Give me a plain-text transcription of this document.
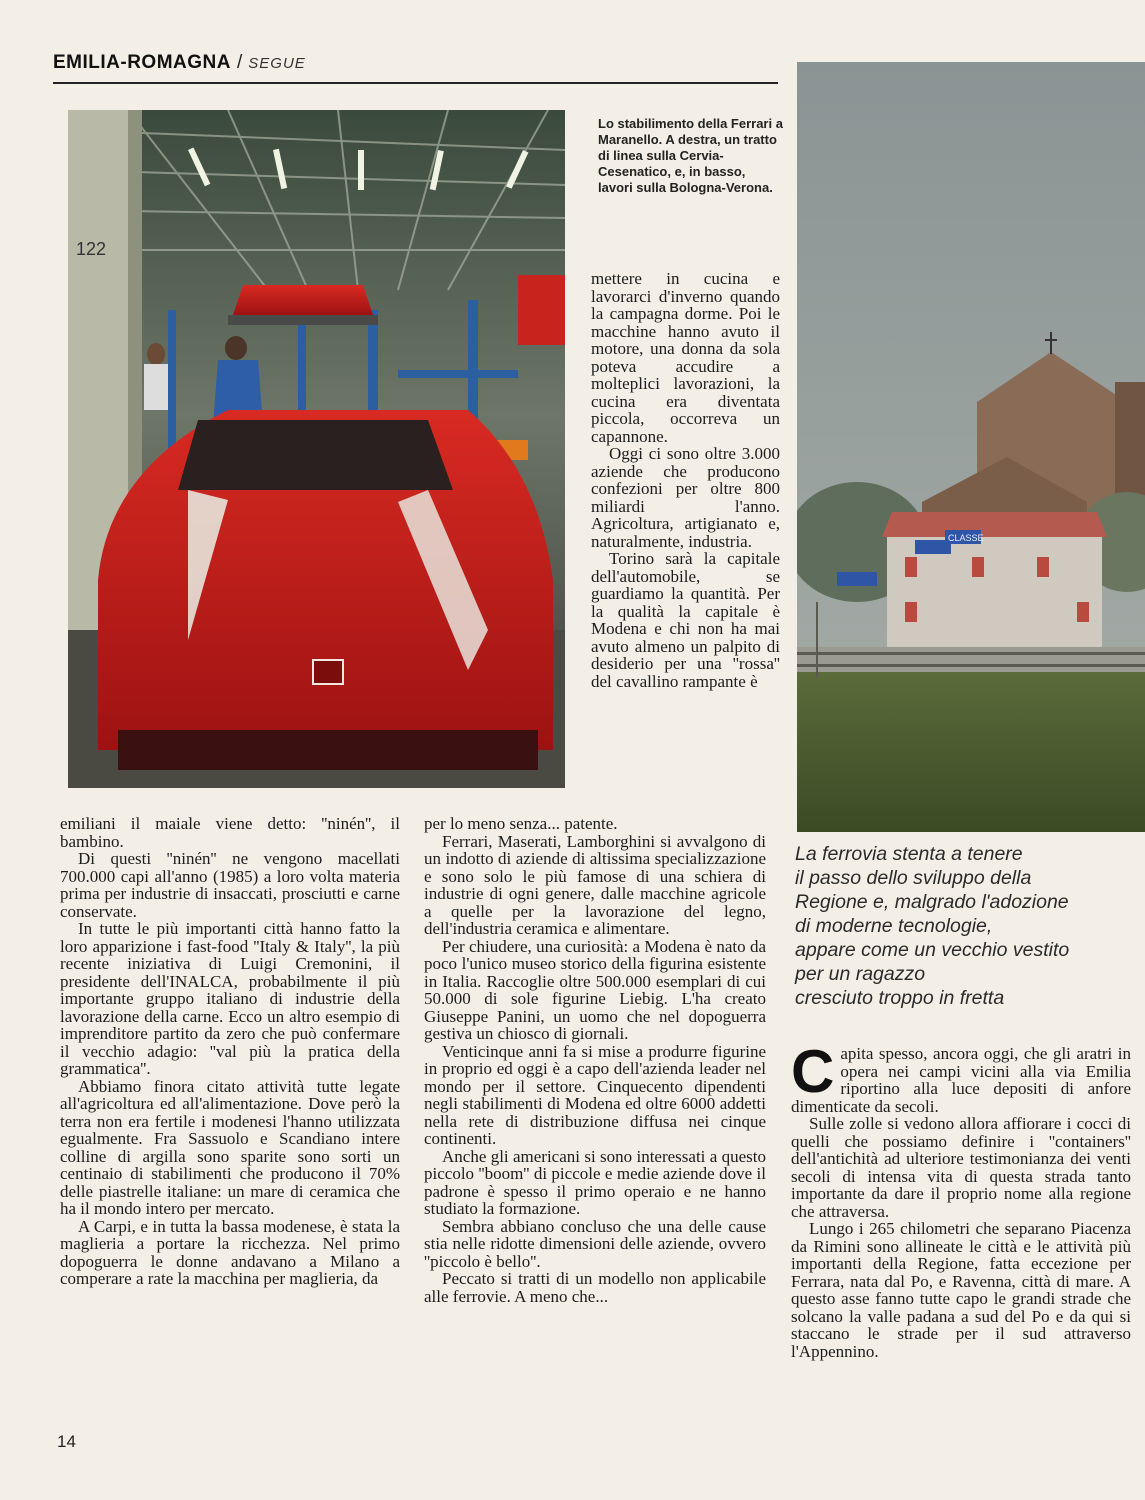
EMILIA-ROMAGNA / SEGUE
122
Lo stabilimento della Ferrari a Maranello. A destra, un tratto di linea sulla Cervia-Cesenatico, e, in basso, lavori sulla Bologna-Verona.

mettere in cucina e lavorarci d'inverno quando la campagna dorme. Poi le macchine hanno avuto il motore, una donna da sola poteva accudire a molteplici lavorazioni, la cucina era diventata piccola, occorreva un capannone.

Oggi ci sono oltre 3.000 aziende che producono confezioni per oltre 800 miliardi l'anno. Agricoltura, artigianato e, naturalmente, industria.

Torino sarà la capitale dell'automobile, se guardiamo la quantità. Per la qualità la capitale è Modena e chi non ha mai avuto almeno un palpito di desiderio per una ''rossa'' del cavallino rampante è

CLASSE
La ferrovia stenta a tenere
il passo dello sviluppo della
Regione e, malgrado l'adozione
di moderne tecnologie,
appare come un vecchio vestito
per un ragazzo
cresciuto troppo in fretta

emiliani il maiale viene detto: ''ninén'', il bambino.

Di questi ''ninén'' ne vengono macellati 700.000 capi all'anno (1985) a loro volta materia prima per industrie di insaccati, prosciutti e carne conservate.

In tutte le più importanti città hanno fatto la loro apparizione i fast-food ''Italy & Italy'', la più recente iniziativa di Luigi Cremonini, il presidente dell'INALCA, probabilmente il più importante gruppo italiano di industrie della lavorazione della carne. Ecco un altro esempio di imprenditore partito da zero che può confermare il vecchio adagio: ''val più la pratica della grammatica''.

Abbiamo finora citato attività tutte legate all'agricoltura ed all'alimentazione. Dove però la terra non era fertile i modenesi l'hanno utilizzata egualmente. Fra Sassuolo e Scandiano intere colline di argilla sono sparite sono sorti un centinaio di stabilimenti che producono il 70% delle piastrelle italiane: un mare di ceramica che ha il mondo intero per mercato.

A Carpi, e in tutta la bassa modenese, è stata la maglieria a portare la ricchezza. Nel primo dopoguerra le donne andavano a Milano a comperare a rate la macchina per maglieria, da

per lo meno senza... patente.

Ferrari, Maserati, Lamborghini si avvalgono di un indotto di aziende di altissima specializzazione e sono solo le più famose di una schiera di industrie di ogni genere, dalle macchine agricole a quelle per la lavorazione del legno, dell'industria ceramica e alimentare.

Per chiudere, una curiosità: a Modena è nato da poco l'unico museo storico della figurina esistente in Italia. Raccoglie oltre 500.000 esemplari di cui 50.000 di sole figurine Liebig. L'ha creato Giuseppe Panini, un uomo che nel dopoguerra gestiva un chiosco di giornali.

Venticinque anni fa si mise a produrre figurine in proprio ed oggi è a capo dell'azienda leader nel mondo per il settore. Cinquecento dipendenti negli stabilimenti di Modena ed oltre 6000 addetti nella rete di distribuzione diffusa nei cinque continenti.

Anche gli americani si sono interessati a questo piccolo ''boom'' di piccole e medie aziende dove il padrone è spesso il primo operaio e ne hanno studiato la formazione.

Sembra abbiano concluso che una delle cause stia nelle ridotte dimensioni delle aziende, ovvero ''piccolo è bello''.

Peccato si tratti di un modello non applicabile alle ferrovie. A meno che...

Capita spesso, ancora oggi, che gli aratri in opera nei campi vicini alla via Emilia riportino alla luce depositi di anfore dimenticate da secoli.

Sulle zolle si vedono allora affiorare i cocci di quelli che possiamo definire i ''containers'' dell'antichità ad ulteriore testimonianza dei venti secoli di intensa vita di questa strada tanto importante da dare il proprio nome alla regione che attraversa.

Lungo i 265 chilometri che separano Piacenza da Rimini sono allineate le città e le attività più importanti della Regione, fatta eccezione per Ferrara, nata dal Po, e Ravenna, città di mare. A questo asse fanno tutte capo le grandi strade che solcano la valle padana a sud del Po e da qui si staccano le strade per il sud attraverso l'Appennino.

14
